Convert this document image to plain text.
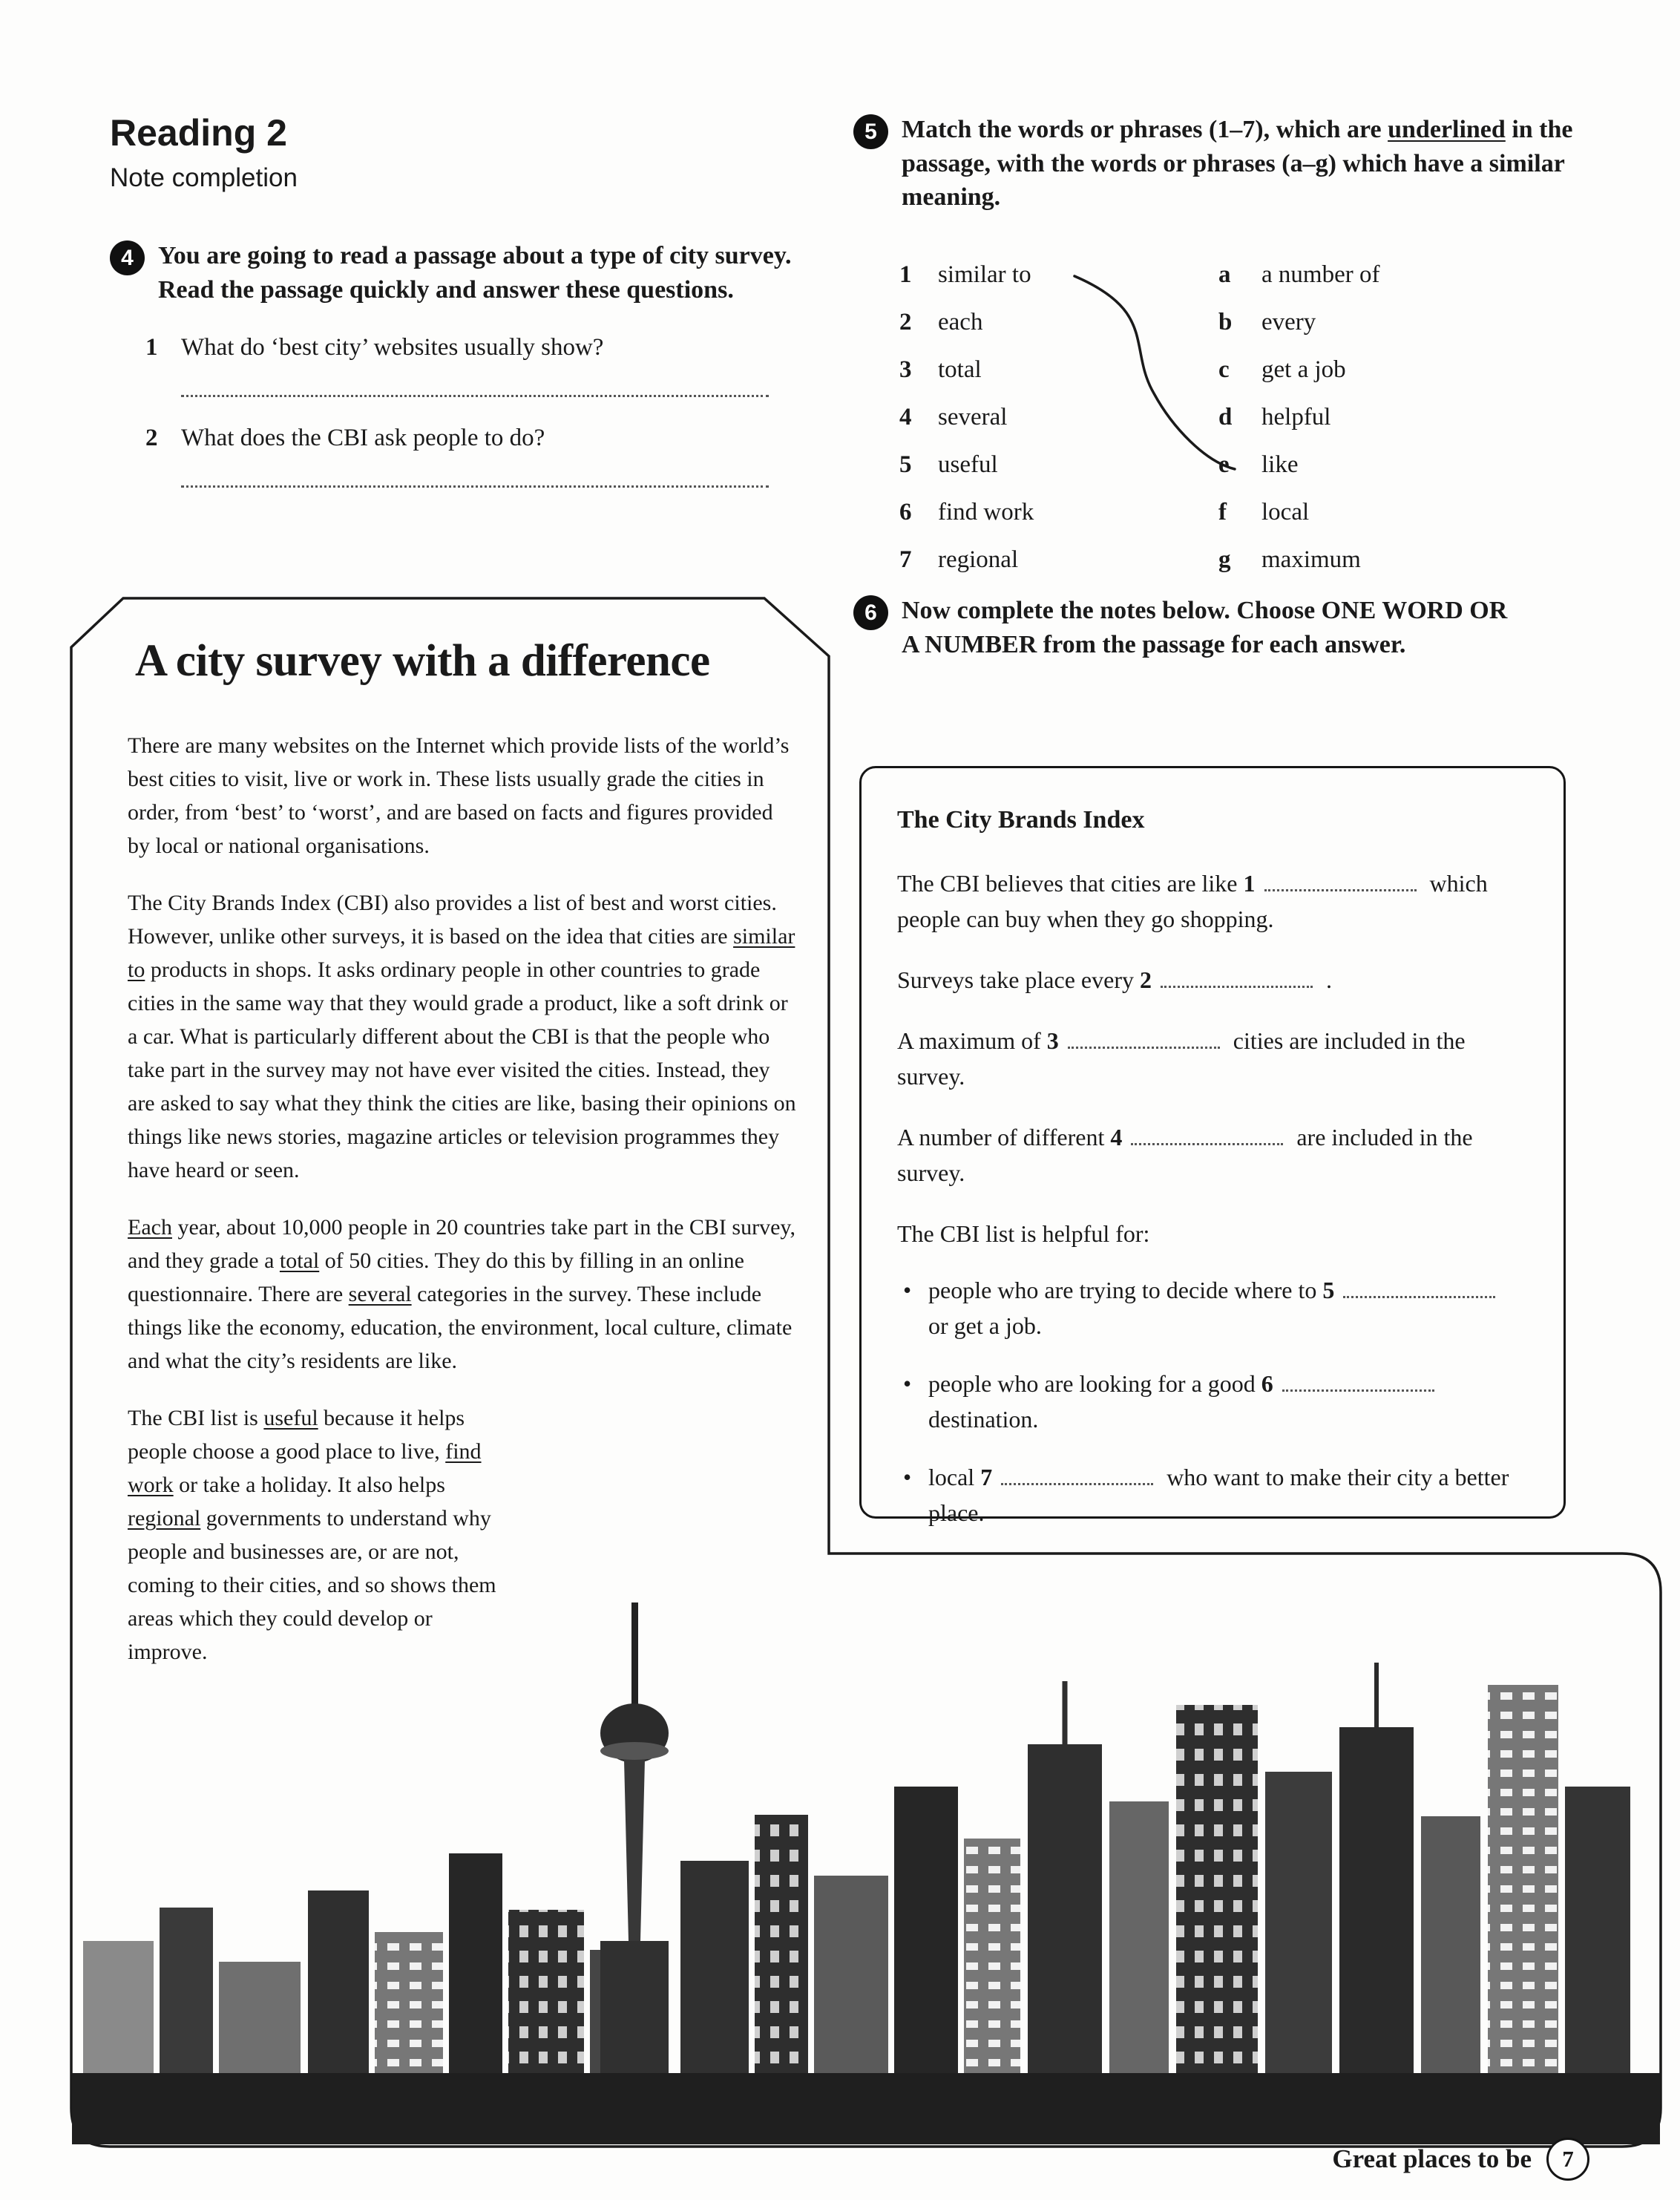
Reading 2
Note completion
4 You are going to read a passage about a type of city survey. Read the passage quickly and answer these questions.

1 What do ‘best city’ websites usually show?
2 What does the CBI ask people to do?
5 Match the words or phrases (1–7), which are underlined in the passage, with the words or phrases (a–g) which have a similar meaning.

1	similar to	a	a number of
2	each	b	every
3	total	c	get a job
4	several	d	helpful
5	useful	e	like
6	find work	f	local
7	regional	g	maximum
6 Now complete the notes below. Choose ONE WORD OR A NUMBER from the passage for each answer.

The City Brands Index

The CBI believes that cities are like 1	which people can buy when they go shopping.

Surveys take place every 2	.

A maximum of 3	cities are included in the survey.

A number of different 4	are included in the survey.

The CBI list is helpful for:

• people who are trying to decide where to 5 or get a job.
• people who are looking for a good 6 destination.
• local 7	who want to make their city a better place.
A city survey with a difference

There are many websites on the Internet which provide lists of the world’s best cities to visit, live or work in. These lists usually grade the cities in order, from ‘best’ to ‘worst’, and are based on facts and figures provided by local or national organisations.

The City Brands Index (CBI) also provides a list of best and worst cities. However, unlike other surveys, it is based on the idea that cities are similar to products in shops. It asks ordinary people in other countries to grade cities in the same way that they would grade a product, like a soft drink or a car. What is particularly different about the CBI is that the people who take part in the survey may not have ever visited the cities. Instead, they are asked to say what they think the cities are like, basing their opinions on things like news stories, magazine articles or television programmes they have heard or seen.

Each year, about 10,000 people in 20 countries take part in the CBI survey, and they grade a total of 50 cities. They do this by filling in an online questionnaire. There are several categories in the survey. These include things like the economy, education, the environment, local culture, climate and what the city’s residents are like.

The CBI list is useful because it helps people choose a good place to live, find work or take a holiday. It also helps regional governments to understand why people and businesses are, or are not, coming to their cities, and so shows them areas which they could develop or improve.

Great places to be	7
